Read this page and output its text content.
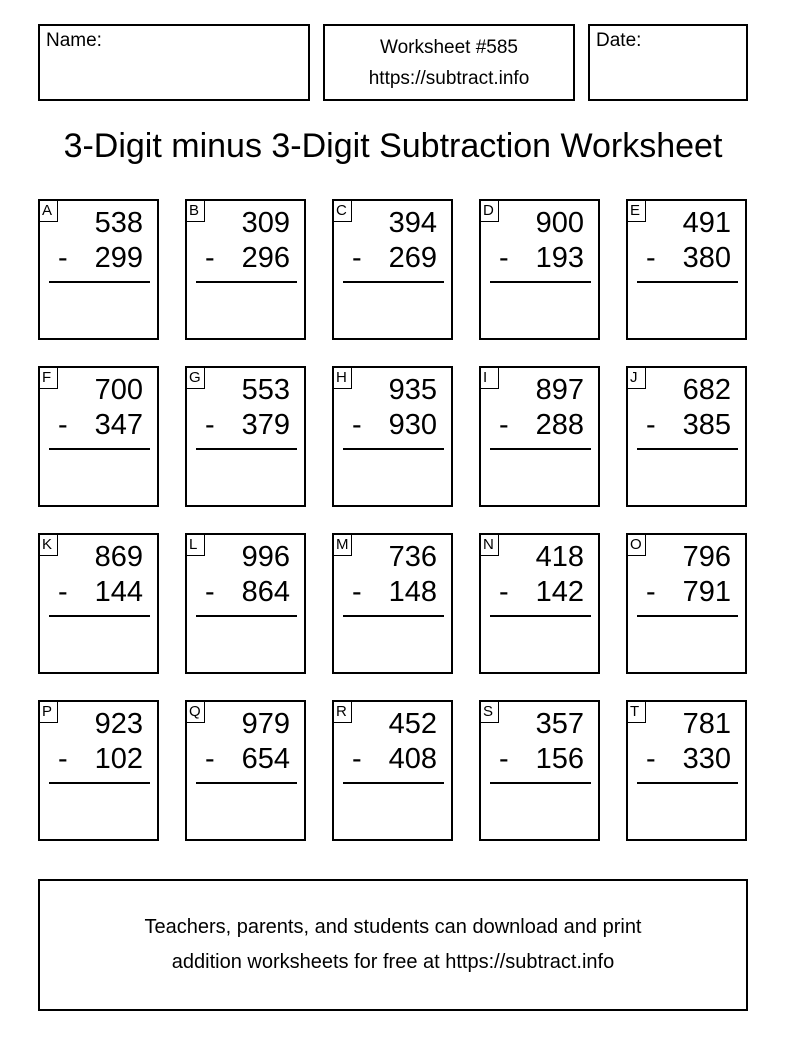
Name:	Worksheet #585
https://subtract.info
Date:
3-Digit minus 3-Digit Subtraction Worksheet
A 538
- 299
B 309
- 296
C 394
- 269
D 900
- 193
E 491
- 380
F 700
- 347
G 553
- 379
H 935
- 930
I	897
- 288
J 682
- 385
K 869
- 144
L 996
- 864
M 736
- 148
N 418
- 142
O 796
- 791
P 923
- 102
Q 979
- 654
R 452
- 408
S 357
- 156
T 781
- 330
Teachers, parents, and students can download and print
addition worksheets for free at https://subtract.info
